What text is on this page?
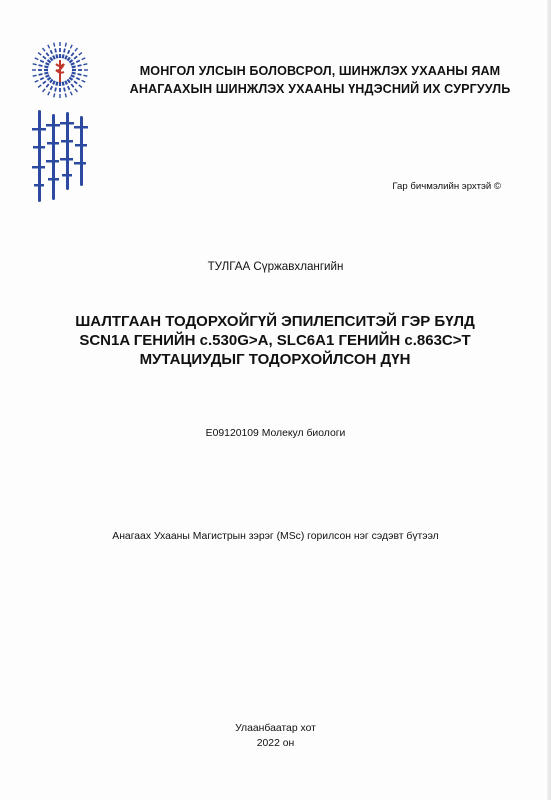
МОНГОЛ УЛСЫН БОЛОВСРОЛ, ШИНЖЛЭХ УХААНЫ ЯАМ
АНАГААХЫН ШИНЖЛЭХ УХААНЫ ҮНДЭСНИЙ ИХ СУРГУУЛЬ
Гар бичмэлийн эрхтэй ©
ТУЛГАА Сүржавхлангийн
ШАЛТГААН ТОДОРХОЙГҮЙ ЭПИЛЕПСИТЭЙ ГЭР БҮЛД
SCN1A ГЕНИЙН c.530G>A, SLC6A1 ГЕНИЙН c.863C>T
МУТАЦИУДЫГ ТОДОРХОЙЛСОН ДҮН
E09120109 Молекул биологи
Анагаах Ухааны Магистрын зэрэг (MSc) горилсон нэг сэдэвт бүтээл
Улаанбаатар хот
2022 он
